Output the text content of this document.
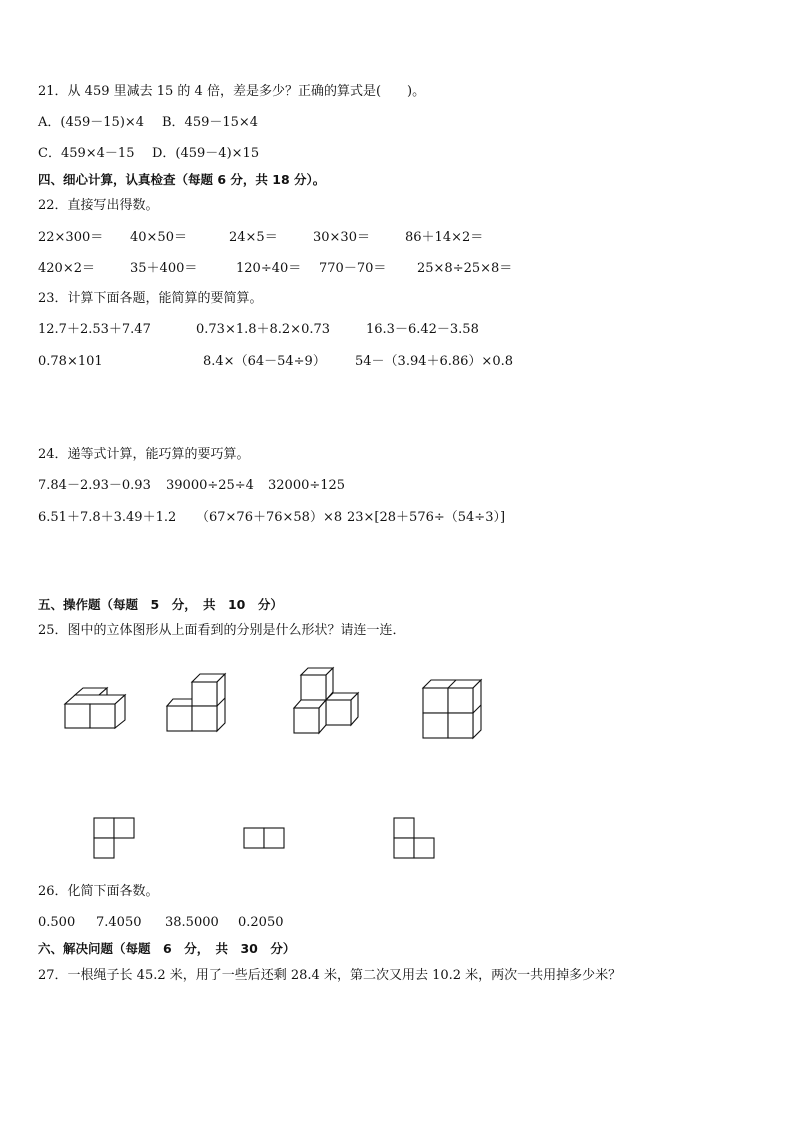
21．从 459 里减去 15 的 4 倍，差是多少？正确的算式是(　　)。
A．(459－15)×4 B．459－15×4
C．459×4－15 D．(459－4)×15
四、细心计算，认真检查（每题 6 分，共 18 分）。
22．直接写出得数。
22×300＝ 40×50＝	24×5＝	30×30＝	86＋14×2＝
420×2＝	35＋400＝	120÷40＝ 770－70＝ 25×8÷25×8＝
23．计算下面各题，能简算的要简算。
12.7＋2.53＋7.47	0.73×1.8＋8.2×0.73	16.3－6.42－3.58
0.78×101	8.4×（64－54÷9） 54－（3.94＋6.86）×0.8
24．递等式计算，能巧算的要巧算。
7.84－2.93－0.93 39000÷25÷4 32000÷125
6.51＋7.8＋3.49＋1.2 （67×76＋76×58）×8 23×[28＋576÷（54÷3）]
五、操作题（每题　5　分，　共　10　分）
25．图中的立体图形从上面看到的分别是什么形状？请连一连．
26．化简下面各数。
0.500 7.4050 38.5000 0.2050
六、解决问题（每题　6　分，　共　30　分）
27．一根绳子长 45.2 米，用了一些后还剩 28.4 米，第二次又用去 10.2 米，两次一共用掉多少米？
